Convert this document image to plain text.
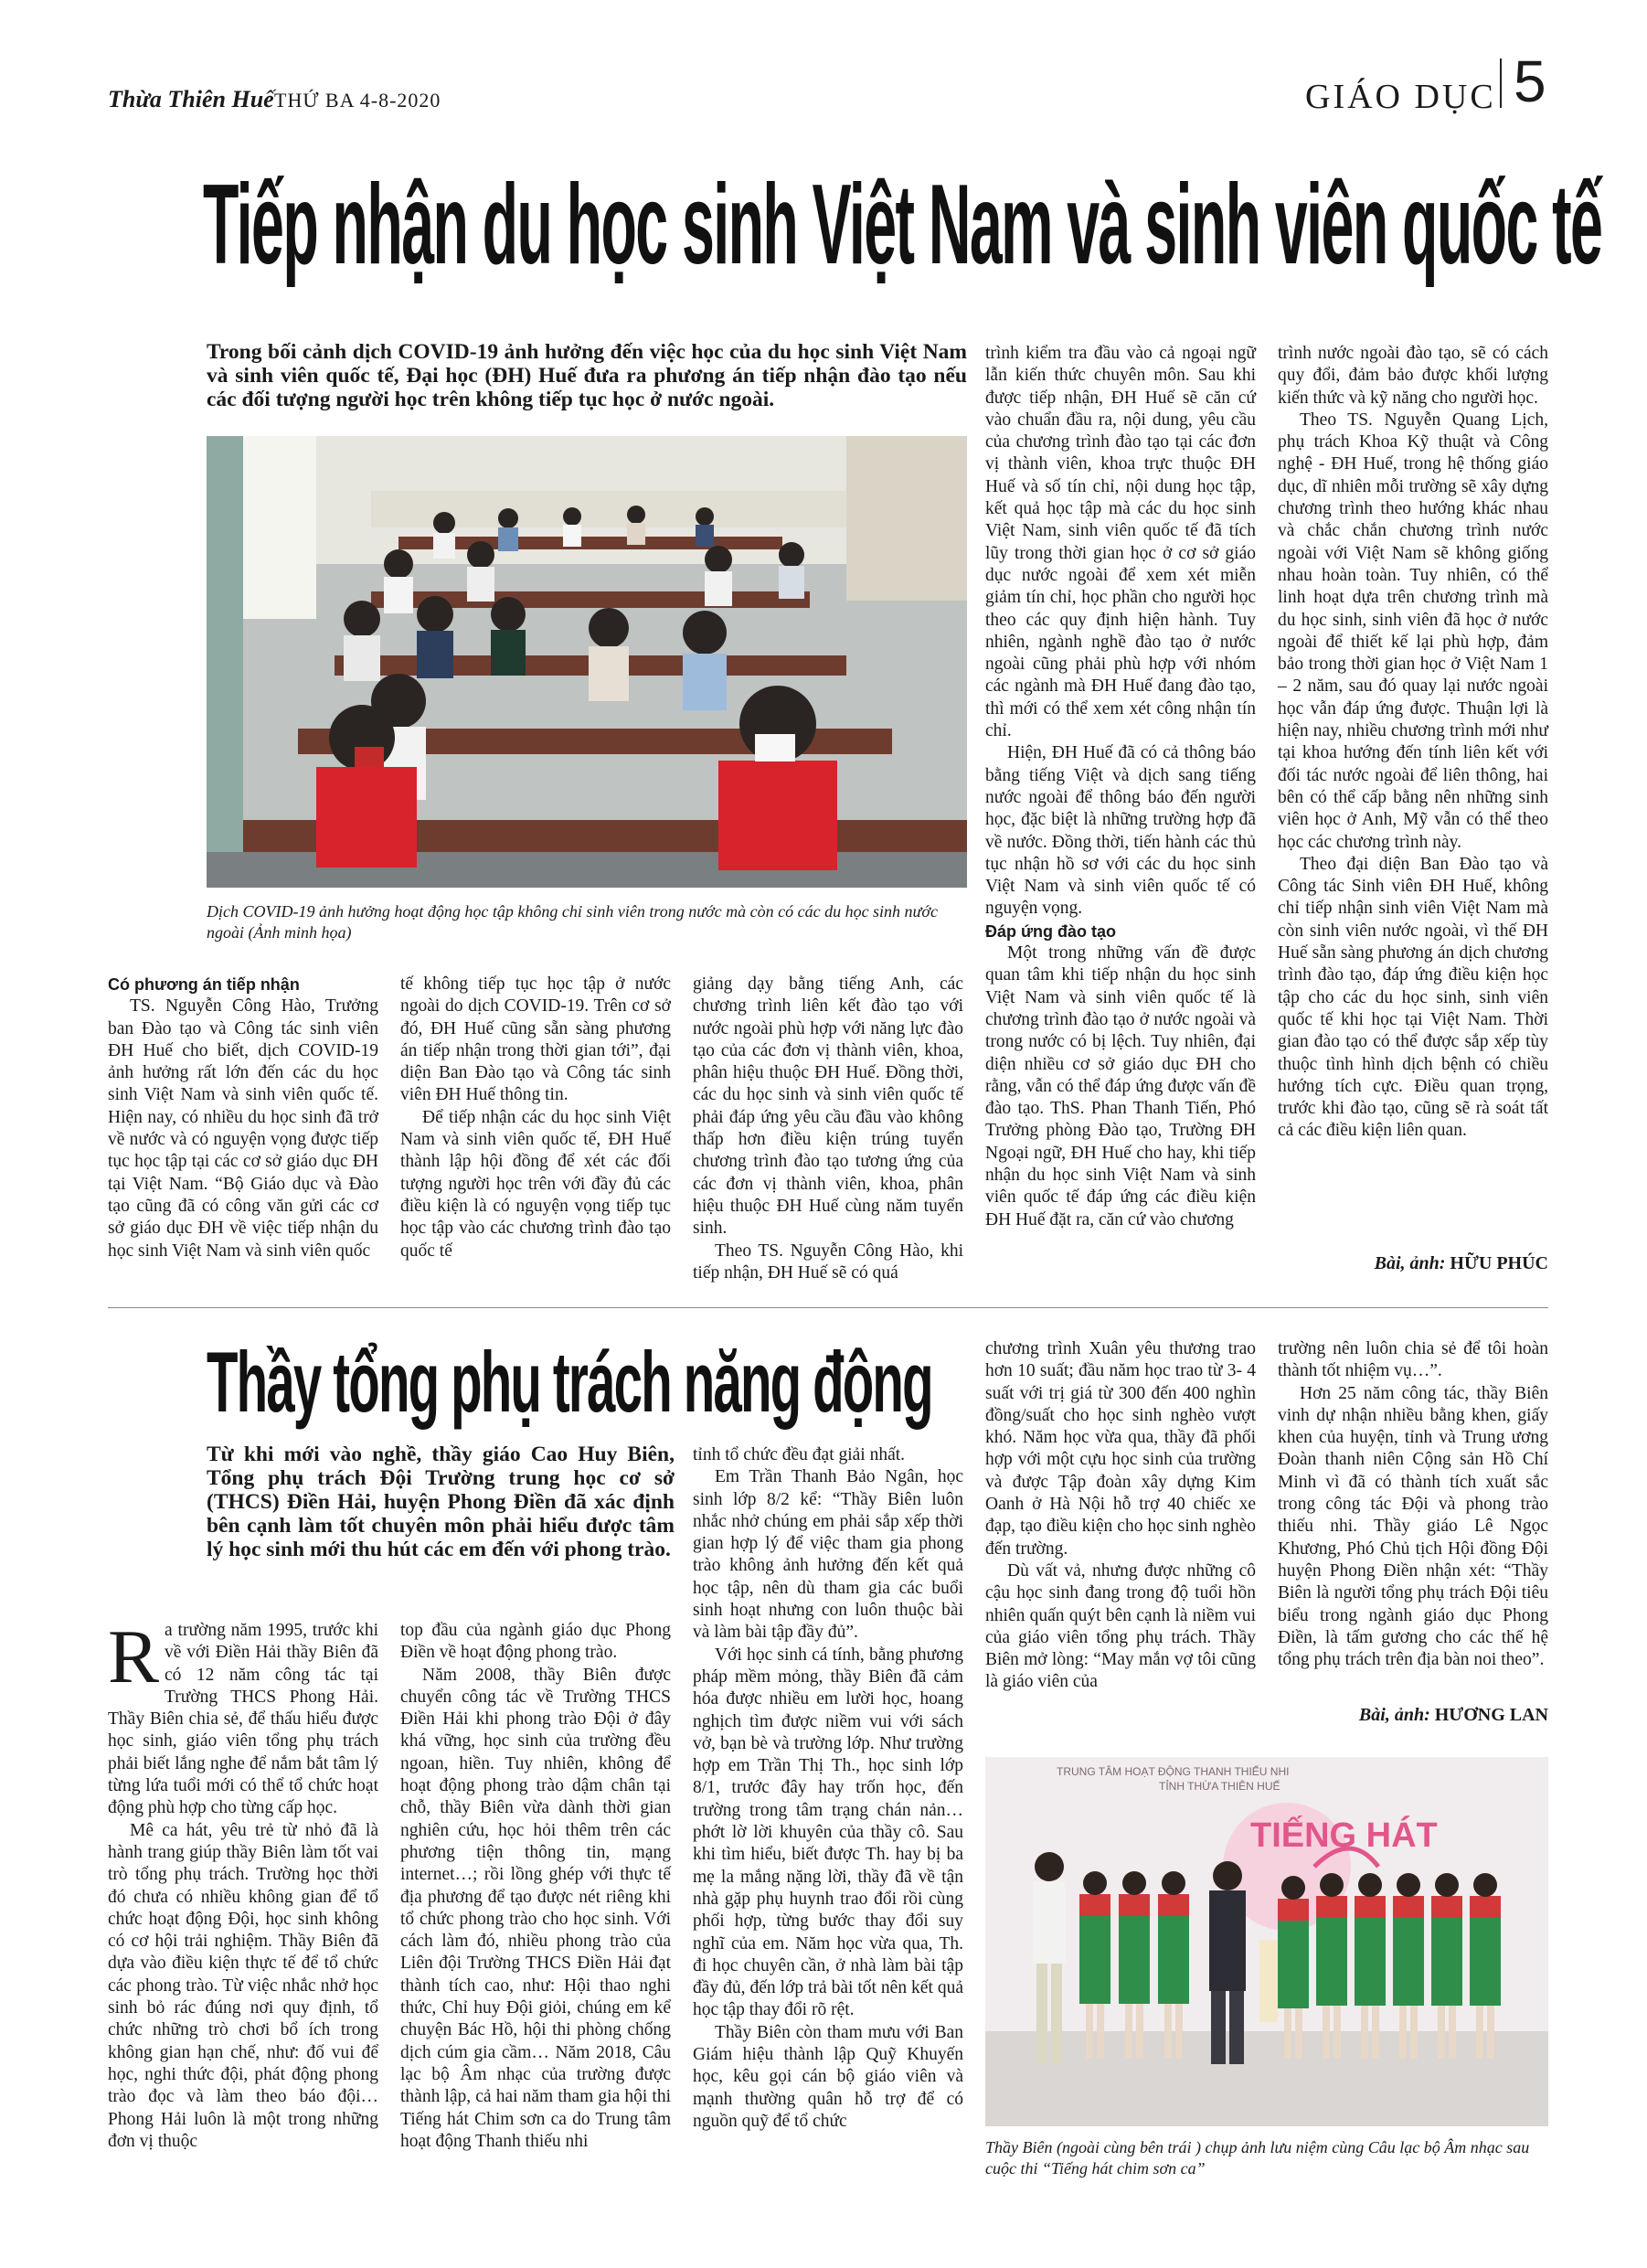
Thừa Thiên Huế THỨ BA 4-8-2020	GIÁO DỤC 5
Tiếp nhận du học sinh Việt Nam và sinh viên quốc tế
Trong bối cảnh dịch COVID-19 ảnh hưởng đến việc học của du học sinh Việt Nam và sinh viên quốc tế, Đại học (ĐH) Huế đưa ra phương án tiếp nhận đào tạo nếu các đối tượng người học trên không tiếp tục học ở nước ngoài.
Dịch COVID-19 ảnh hưởng hoạt động học tập không chỉ sinh viên trong nước mà còn có các du học sinh nước ngoài (Ảnh minh họa)

Có phương án tiếp nhận

TS. Nguyễn Công Hào, Trưởng ban Đào tạo và Công tác sinh viên ĐH Huế cho biết, dịch COVID-19 ảnh hưởng rất lớn đến các du học sinh Việt Nam và sinh viên quốc tế. Hiện nay, có nhiều du học sinh đã trở về nước và có nguyện vọng được tiếp tục học tập tại các cơ sở giáo dục ĐH tại Việt Nam. “Bộ Giáo dục và Đào tạo cũng đã có công văn gửi các cơ sở giáo dục ĐH về việc tiếp nhận du học sinh Việt Nam và sinh viên quốc

tế không tiếp tục học tập ở nước ngoài do dịch COVID-19. Trên cơ sở đó, ĐH Huế cũng sẵn sàng phương án tiếp nhận trong thời gian tới”, đại diện Ban Đào tạo và Công tác sinh viên ĐH Huế thông tin.

Để tiếp nhận các du học sinh Việt Nam và sinh viên quốc tế, ĐH Huế thành lập hội đồng để xét các đối tượng người học trên với đầy đủ các điều kiện là có nguyện vọng tiếp tục học tập vào các chương trình đào tạo quốc tế

giảng dạy bằng tiếng Anh, các chương trình liên kết đào tạo với nước ngoài phù hợp với năng lực đào tạo của các đơn vị thành viên, khoa, phân hiệu thuộc ĐH Huế. Đồng thời, các du học sinh và sinh viên quốc tế phải đáp ứng yêu cầu đầu vào không thấp hơn điều kiện trúng tuyển chương trình đào tạo tương ứng của các đơn vị thành viên, khoa, phân hiệu thuộc ĐH Huế cùng năm tuyển sinh.

Theo TS. Nguyễn Công Hào, khi tiếp nhận, ĐH Huế sẽ có quá

trình kiểm tra đầu vào cả ngoại ngữ lẫn kiến thức chuyên môn. Sau khi được tiếp nhận, ĐH Huế sẽ căn cứ vào chuẩn đầu ra, nội dung, yêu cầu của chương trình đào tạo tại các đơn vị thành viên, khoa trực thuộc ĐH Huế và số tín chỉ, nội dung học tập, kết quả học tập mà các du học sinh Việt Nam, sinh viên quốc tế đã tích lũy trong thời gian học ở cơ sở giáo dục nước ngoài để xem xét miễn giảm tín chỉ, học phần cho người học theo các quy định hiện hành. Tuy nhiên, ngành nghề đào tạo ở nước ngoài cũng phải phù hợp với nhóm các ngành mà ĐH Huế đang đào tạo, thì mới có thể xem xét công nhận tín chỉ.

Hiện, ĐH Huế đã có cả thông báo bằng tiếng Việt và dịch sang tiếng nước ngoài để thông báo đến người học, đặc biệt là những trường hợp đã về nước. Đồng thời, tiến hành các thủ tục nhận hồ sơ với các du học sinh Việt Nam và sinh viên quốc tế có nguyện vọng.

Đáp ứng đào tạo

Một trong những vấn đề được quan tâm khi tiếp nhận du học sinh Việt Nam và sinh viên quốc tế là chương trình đào tạo ở nước ngoài và trong nước có bị lệch. Tuy nhiên, đại diện nhiều cơ sở giáo dục ĐH cho rằng, vẫn có thể đáp ứng được vấn đề đào tạo. ThS. Phan Thanh Tiến, Phó Trưởng phòng Đào tạo, Trường ĐH Ngoại ngữ, ĐH Huế cho hay, khi tiếp nhận du học sinh Việt Nam và sinh viên quốc tế đáp ứng các điều kiện ĐH Huế đặt ra, căn cứ vào chương

trình nước ngoài đào tạo, sẽ có cách quy đổi, đảm bảo được khối lượng kiến thức và kỹ năng cho người học.

Theo TS. Nguyễn Quang Lịch, phụ trách Khoa Kỹ thuật và Công nghệ - ĐH Huế, trong hệ thống giáo dục, dĩ nhiên mỗi trường sẽ xây dựng chương trình theo hướng khác nhau và chắc chắn chương trình nước ngoài với Việt Nam sẽ không giống nhau hoàn toàn. Tuy nhiên, có thể linh hoạt dựa trên chương trình mà du học sinh, sinh viên đã học ở nước ngoài để thiết kế lại phù hợp, đảm bảo trong thời gian học ở Việt Nam 1 – 2 năm, sau đó quay lại nước ngoài học vẫn đáp ứng được. Thuận lợi là hiện nay, nhiều chương trình mới như tại khoa hướng đến tính liên kết với đối tác nước ngoài để liên thông, hai bên có thể cấp bằng nên những sinh viên học ở Anh, Mỹ vẫn có thể theo học các chương trình này.

Theo đại diện Ban Đào tạo và Công tác Sinh viên ĐH Huế, không chỉ tiếp nhận sinh viên Việt Nam mà còn sinh viên nước ngoài, vì thế ĐH Huế sẵn sàng phương án dịch chương trình đào tạo, đáp ứng điều kiện học tập cho các du học sinh, sinh viên quốc tế khi học tại Việt Nam. Thời gian đào tạo có thể được sắp xếp tùy thuộc tình hình dịch bệnh có chiều hướng tích cực. Điều quan trọng, trước khi đào tạo, cũng sẽ rà soát tất cả các điều kiện liên quan.

Bài, ảnh: HỮU PHÚC
Thầy tổng phụ trách năng động
Từ khi mới vào nghề, thầy giáo Cao Huy Biên, Tổng phụ trách Đội Trường trung học cơ sở (THCS) Điền Hải, huyện Phong Điền đã xác định bên cạnh làm tốt chuyên môn phải hiểu được tâm lý học sinh mới thu hút các em đến với phong trào.
R a trường năm 1995, trước khi về với Điền Hải thầy Biên đã có 12 năm công tác tại Trường THCS Phong Hải. Thầy Biên chia sẻ, để thấu hiểu được học sinh, giáo viên tổng phụ trách phải biết lắng nghe để nắm bắt tâm lý từng lứa tuổi mới có thể tổ chức hoạt động phù hợp cho từng cấp học.

Mê ca hát, yêu trẻ từ nhỏ đã là hành trang giúp thầy Biên làm tốt vai trò tổng phụ trách. Trường học thời đó chưa có nhiều không gian để tổ chức hoạt động Đội, học sinh không có cơ hội trải nghiệm. Thầy Biên đã dựa vào điều kiện thực tế để tổ chức các phong trào. Từ việc nhắc nhở học sinh bỏ rác đúng nơi quy định, tổ chức những trò chơi bổ ích trong không gian hạn chế, như: đố vui để học, nghi thức đội, phát động phong trào đọc và làm theo báo đội… Phong Hải luôn là một trong những đơn vị thuộc

top đầu của ngành giáo dục Phong Điền về hoạt động phong trào.

Năm 2008, thầy Biên được chuyển công tác về Trường THCS Điền Hải khi phong trào Đội ở đây khá vững, học sinh của trường đều ngoan, hiền. Tuy nhiên, không để hoạt động phong trào dậm chân tại chỗ, thầy Biên vừa dành thời gian nghiên cứu, học hỏi thêm trên các phương tiện thông tin, mạng internet…; rồi lồng ghép với thực tế địa phương để tạo được nét riêng khi tổ chức phong trào cho học sinh. Với cách làm đó, nhiều phong trào của Liên đội Trường THCS Điền Hải đạt thành tích cao, như: Hội thao nghi thức, Chỉ huy Đội giỏi, chúng em kể chuyện Bác Hồ, hội thi phòng chống dịch cúm gia cầm… Năm 2018, Câu lạc bộ Âm nhạc của trường được thành lập, cả hai năm tham gia hội thi Tiếng hát Chim sơn ca do Trung tâm hoạt động Thanh thiếu nhi

tỉnh tổ chức đều đạt giải nhất.

Em Trần Thanh Bảo Ngân, học sinh lớp 8/2 kể: “Thầy Biên luôn nhắc nhở chúng em phải sắp xếp thời gian hợp lý để việc tham gia phong trào không ảnh hưởng đến kết quả học tập, nên dù tham gia các buổi sinh hoạt nhưng con luôn thuộc bài và làm bài tập đầy đủ”.

Với học sinh cá tính, bằng phương pháp mềm mỏng, thầy Biên đã cảm hóa được nhiều em lười học, hoang nghịch tìm được niềm vui với sách vở, bạn bè và trường lớp. Như trường hợp em Trần Thị Th., học sinh lớp 8/1, trước đây hay trốn học, đến trường trong tâm trạng chán nản… phớt lờ lời khuyên của thầy cô. Sau khi tìm hiểu, biết được Th. hay bị ba mẹ la mắng nặng lời, thầy đã về tận nhà gặp phụ huynh trao đổi rồi cùng phối hợp, từng bước thay đổi suy nghĩ của em. Năm học vừa qua, Th. đi học chuyên cần, ở nhà làm bài tập đầy đủ, đến lớp trả bài tốt nên kết quả học tập thay đổi rõ rệt.

Thầy Biên còn tham mưu với Ban Giám hiệu thành lập Quỹ Khuyến học, kêu gọi cán bộ giáo viên và mạnh thường quân hỗ trợ để có nguồn quỹ để tổ chức

chương trình Xuân yêu thương trao hơn 10 suất; đầu năm học trao từ 3- 4 suất với trị giá từ 300 đến 400 nghìn đồng/suất cho học sinh nghèo vượt khó. Năm học vừa qua, thầy đã phối hợp với một cựu học sinh của trường và được Tập đoàn xây dựng Kim Oanh ở Hà Nội hỗ trợ 40 chiếc xe đạp, tạo điều kiện cho học sinh nghèo đến trường.

Dù vất vả, nhưng được những cô cậu học sinh đang trong độ tuổi hồn nhiên quấn quýt bên cạnh là niềm vui của giáo viên tổng phụ trách. Thầy Biên mở lòng: “May mắn vợ tôi cũng là giáo viên của

trường nên luôn chia sẻ để tôi hoàn thành tốt nhiệm vụ…”.

Hơn 25 năm công tác, thầy Biên vinh dự nhận nhiều bằng khen, giấy khen của huyện, tỉnh và Trung ương Đoàn thanh niên Cộng sản Hồ Chí Minh vì đã có thành tích xuất sắc trong công tác Đội và phong trào thiếu nhi. Thầy giáo Lê Ngọc Khương, Phó Chủ tịch Hội đồng Đội huyện Phong Điền nhận xét: “Thầy Biên là người tổng phụ trách Đội tiêu biểu trong ngành giáo dục Phong Điền, là tấm gương cho các thế hệ tổng phụ trách trên địa bàn noi theo”.

Bài, ảnh: HƯƠNG LAN
TRUNG TÂM HOẠT ĐỘNG THANH THIẾU NHI
TỈNH THỪA THIÊN HUẾ
TIẾNG HÁT
Thầy Biên (ngoài cùng bên trái ) chụp ảnh lưu niệm cùng Câu lạc bộ Âm nhạc sau cuộc thi “Tiếng hát chim sơn ca”
